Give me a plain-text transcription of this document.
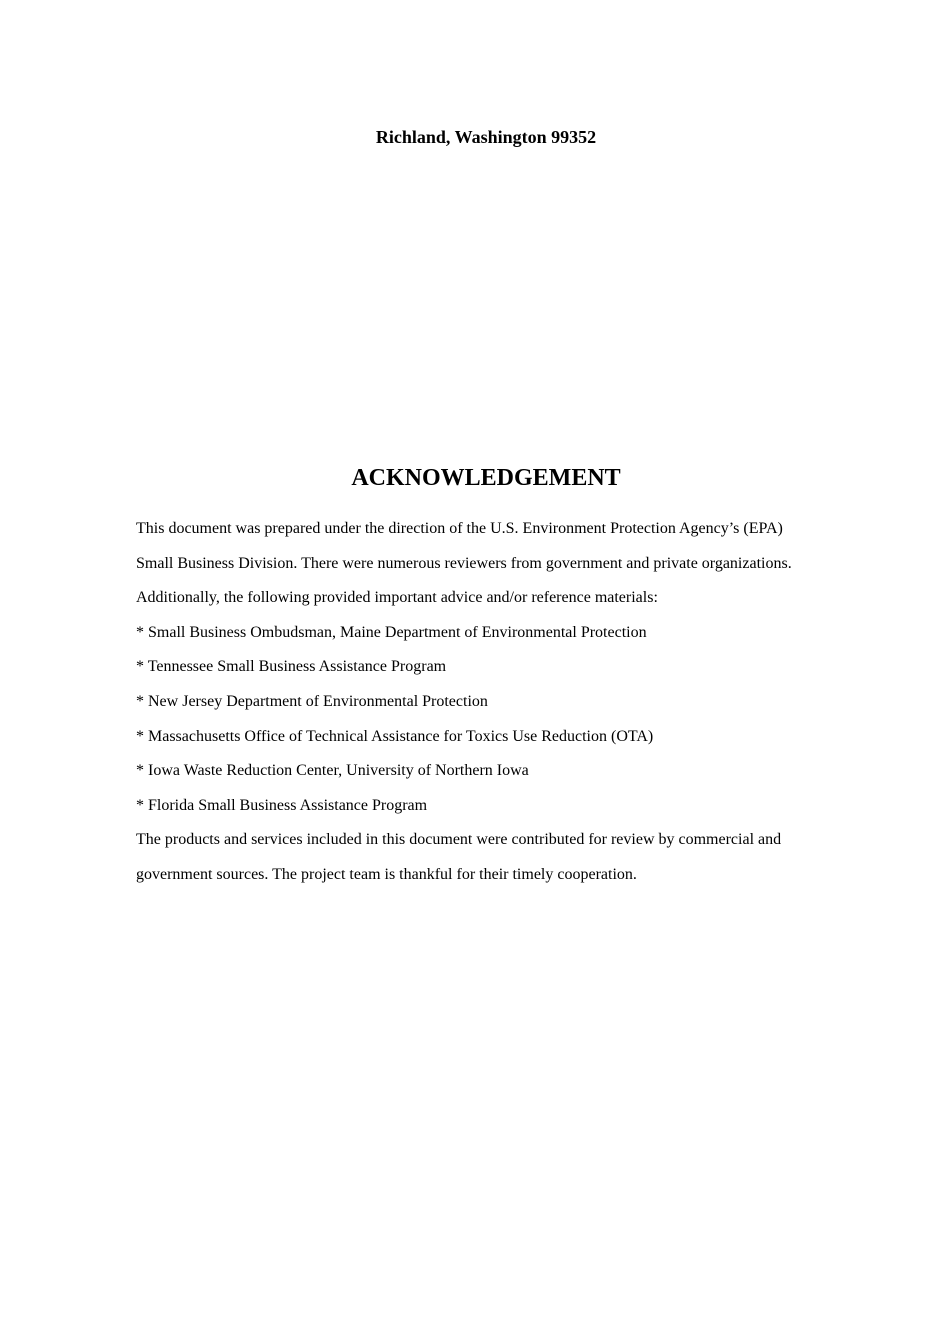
Richland, Washington 99352
ACKNOWLEDGEMENT
This document was prepared under the direction of the U.S. Environment Protection Agency’s (EPA)
Small Business Division. There were numerous reviewers from government and private organizations.
Additionally, the following provided important advice and/or reference materials:
* Small Business Ombudsman, Maine Department of Environmental Protection
* Tennessee Small Business Assistance Program
* New Jersey Department of Environmental Protection
* Massachusetts Office of Technical Assistance for Toxics Use Reduction (OTA)
* Iowa Waste Reduction Center, University of Northern Iowa
* Florida Small Business Assistance Program
The products and services included in this document were contributed for review by commercial and
government sources. The project team is thankful for their timely cooperation.
